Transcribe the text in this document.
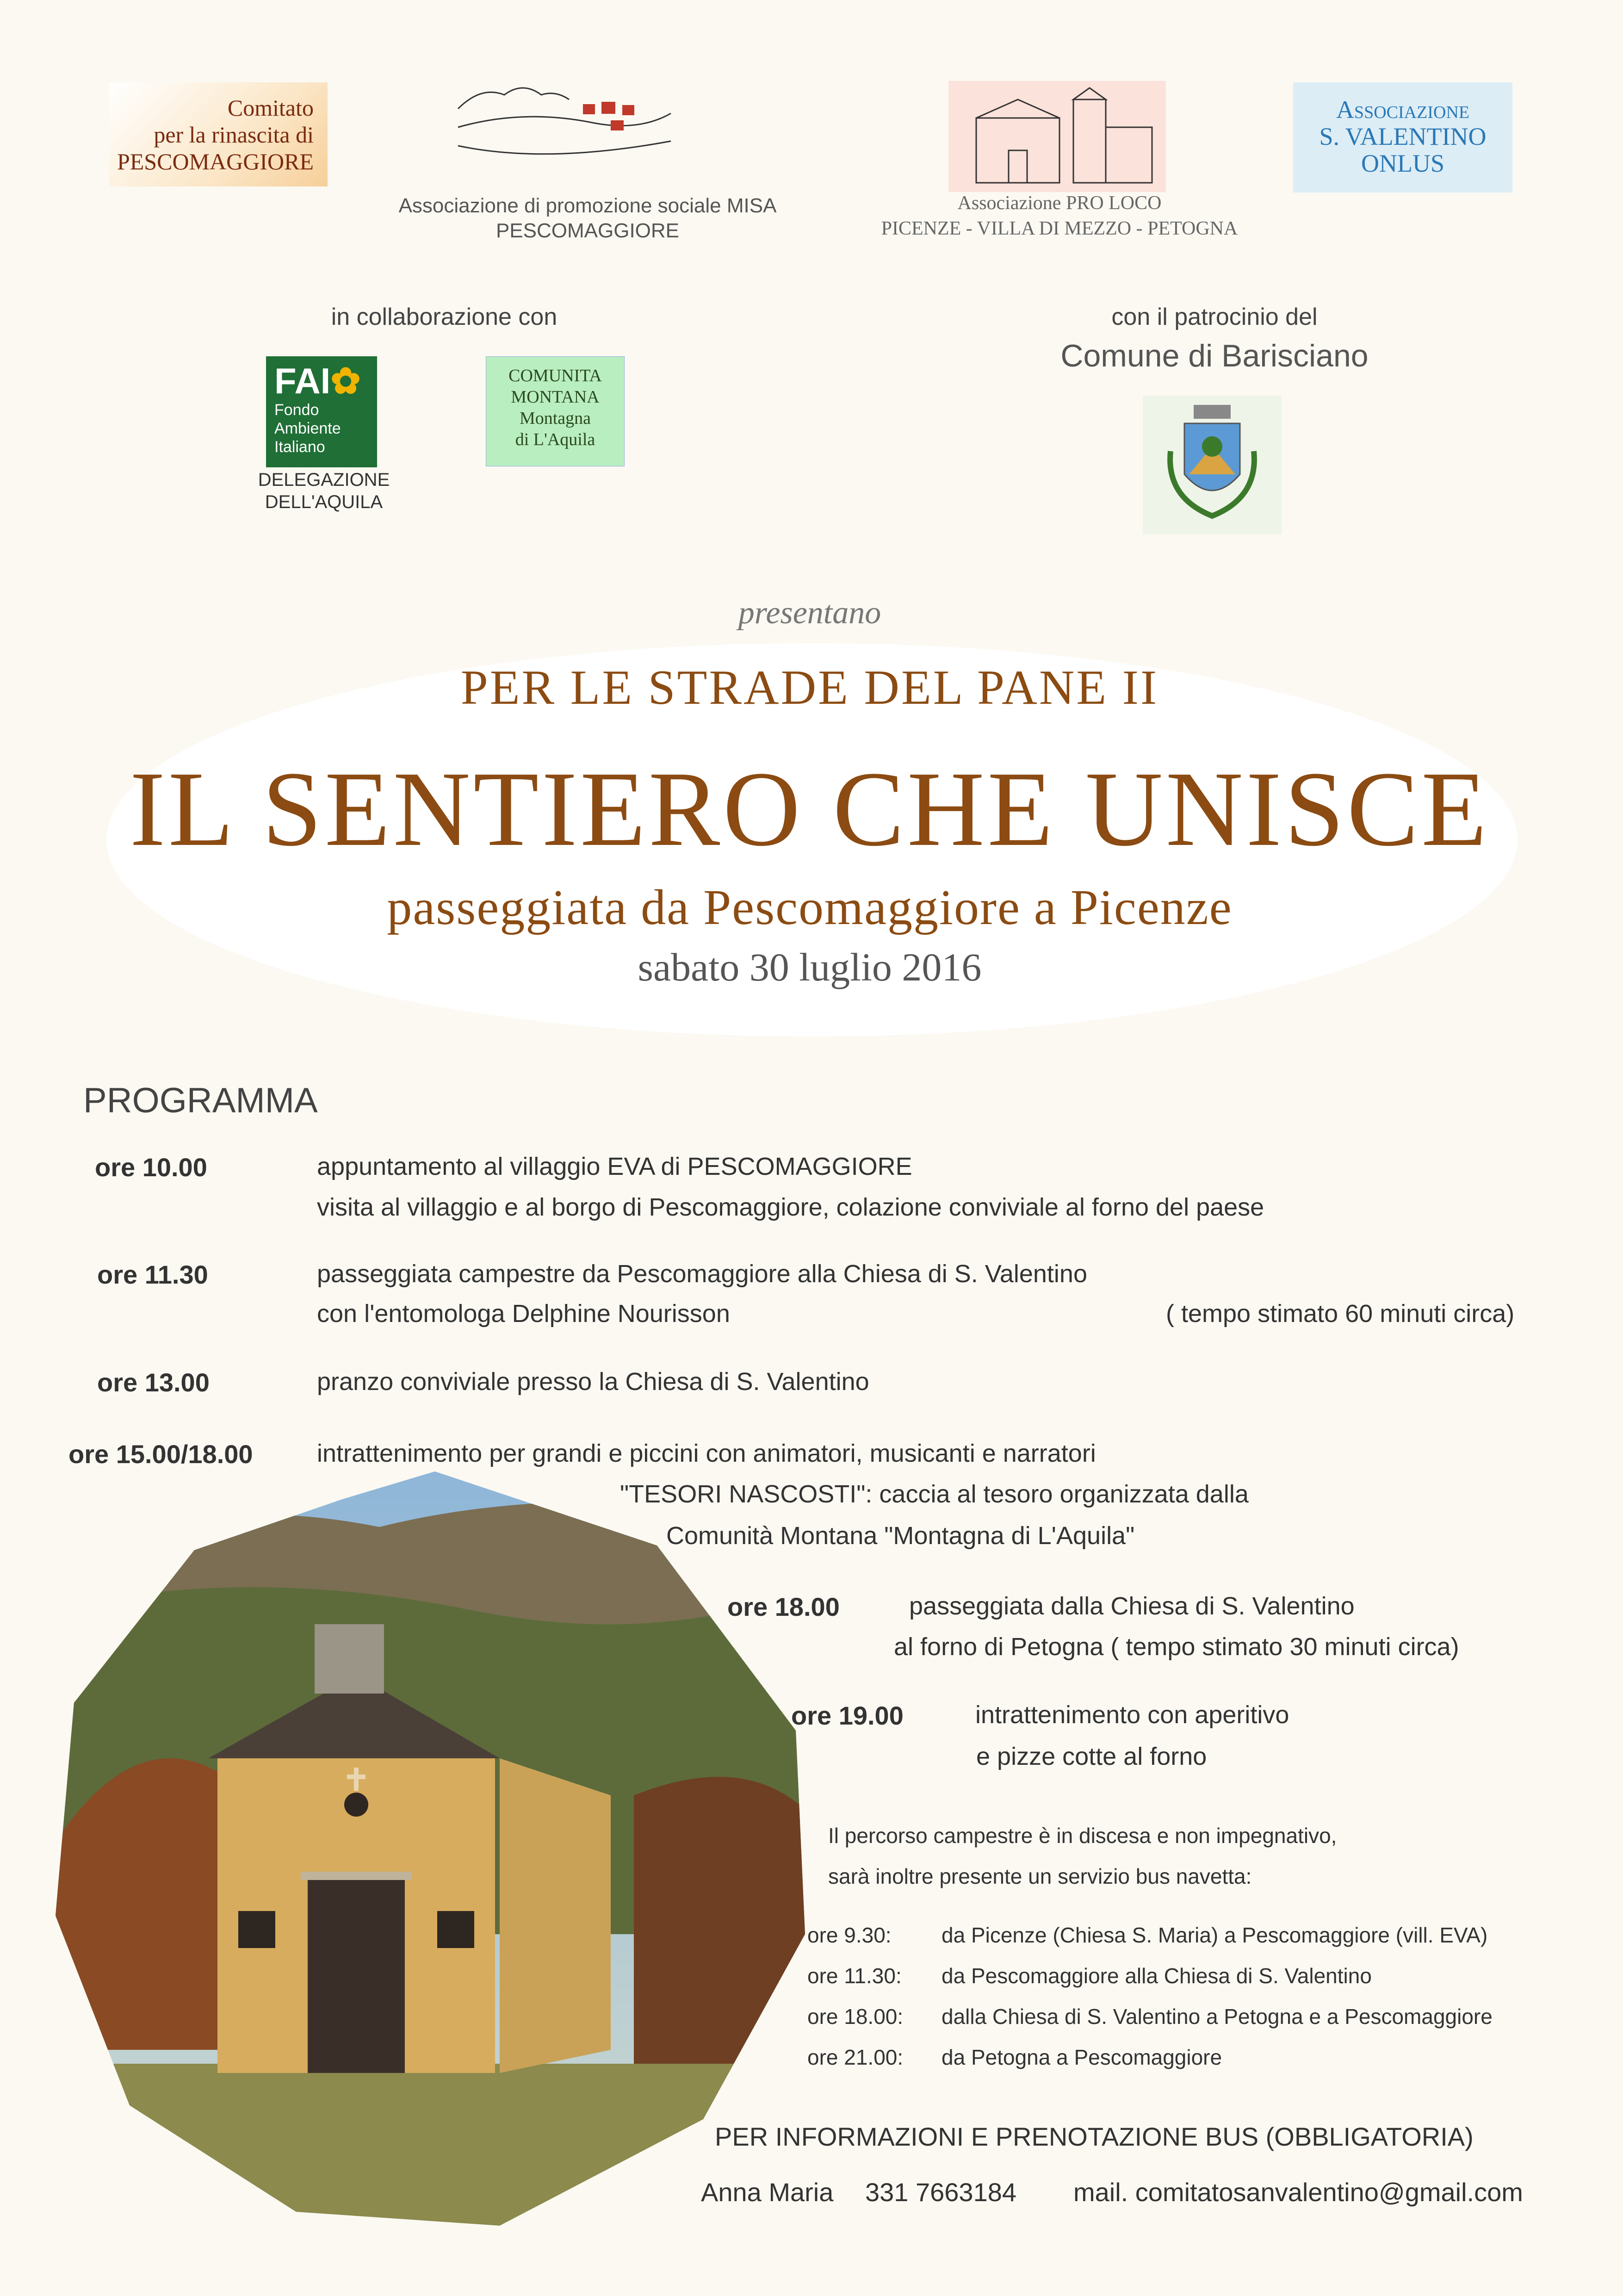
Comitato
per la rinascita di
PESCOMAGGIORE
Associazione di promozione sociale MISA
PESCOMAGGIORE
Associazione PRO LOCO
PICENZE - VILLA DI MEZZO - PETOGNA
Associazione
S. VALENTINO
ONLUS
in collaborazione con	con il patrocinio del
Comune di Barisciano
FAI✿
Fondo
Ambiente
Italiano
DELEGAZIONE
DELL'AQUILA
COMUNITA
MONTANA
Montagna
di L'Aquila
presentano
PER LE STRADE DEL PANE II
IL SENTIERO CHE UNISCE
passeggiata da Pescomaggiore a Picenze
sabato 30 luglio 2016
PROGRAMMA
ore 10.00	appuntamento al villaggio EVA di PESCOMAGGIORE
visita al villaggio e al borgo di Pescomaggiore, colazione conviviale al forno del paese
ore 11.30	passeggiata campestre da Pescomaggiore alla Chiesa di S. Valentino
con l'entomologa Delphine Nourisson	( tempo stimato 60 minuti circa)
ore 13.00	pranzo conviviale presso la Chiesa di S. Valentino
ore 15.00/18.00	intrattenimento per grandi e piccini con animatori, musicanti e narratori
"TESORI NASCOSTI": caccia al tesoro organizzata dalla
Comunità Montana "Montagna di L'Aquila"
ore 18.00	passeggiata dalla Chiesa di S. Valentino
al forno di Petogna ( tempo stimato 30 minuti circa)
ore 19.00	intrattenimento con aperitivo
e pizze cotte al forno
Il percorso campestre è in discesa e non impegnativo,
sarà inoltre presente un servizio bus navetta:
ore 9.30: da Picenze (Chiesa S. Maria) a Pescomaggiore (vill. EVA)
ore 11.30: da Pescomaggiore alla Chiesa di S. Valentino
ore 18.00: dalla Chiesa di S. Valentino a Petogna e a Pescomaggiore
ore 21.00: da Petogna a Pescomaggiore
PER INFORMAZIONI E PRENOTAZIONE BUS (OBBLIGATORIA)
Anna Maria 331 7663184 mail. comitatosanvalentino@gmail.com
